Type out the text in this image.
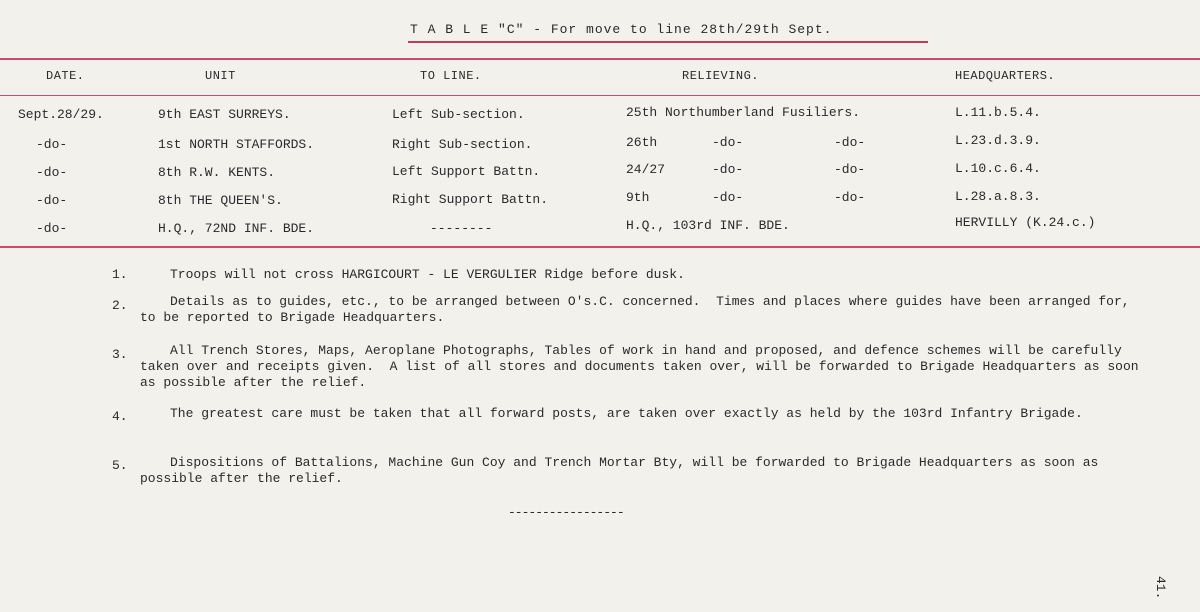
T A B L E "C" - For move to line 28th/29th Sept.
DATE.	UNIT	TO LINE.	RELIEVING.	HEADQUARTERS.
Sept.28/29.	9th EAST SURREYS.	Left Sub-section.	25th Northumberland Fusiliers.	L.11.b.5.4.
-do-	1st NORTH STAFFORDS.	Right Sub-section.	26th	-do-	-do-	L.23.d.3.9.
-do-	8th R.W. KENTS.	Left Support Battn.	24/27	-do-	-do-	L.10.c.6.4.
-do-	8th THE QUEEN'S.	Right Support Battn.	9th	-do-	-do-	L.28.a.8.3.
-do-	H.Q., 72ND INF. BDE.	--------	H.Q., 103rd INF. BDE.	HERVILLY (K.24.c.)
1.	Troops will not cross HARGICOURT - LE VERGULIER Ridge before dusk.
2.	Details as to guides, etc., to be arranged between O's.C. concerned.  Times and places where guides have been arranged for, to be reported to Brigade Headquarters.
3.	All Trench Stores, Maps, Aeroplane Photographs, Tables of work in hand and proposed, and defence schemes will be carefully taken over and receipts given.  A list of all stores and documents taken over, will be forwarded to Brigade Headquarters as soon as possible after the relief.
4.	The greatest care must be taken that all forward posts, are taken over exactly as held by the 103rd Infantry Brigade.
5.	Dispositions of Battalions, Machine Gun Coy and Trench Mortar Bty, will be forwarded to Brigade Headquarters as soon as possible after the relief.
-----------------
41.
